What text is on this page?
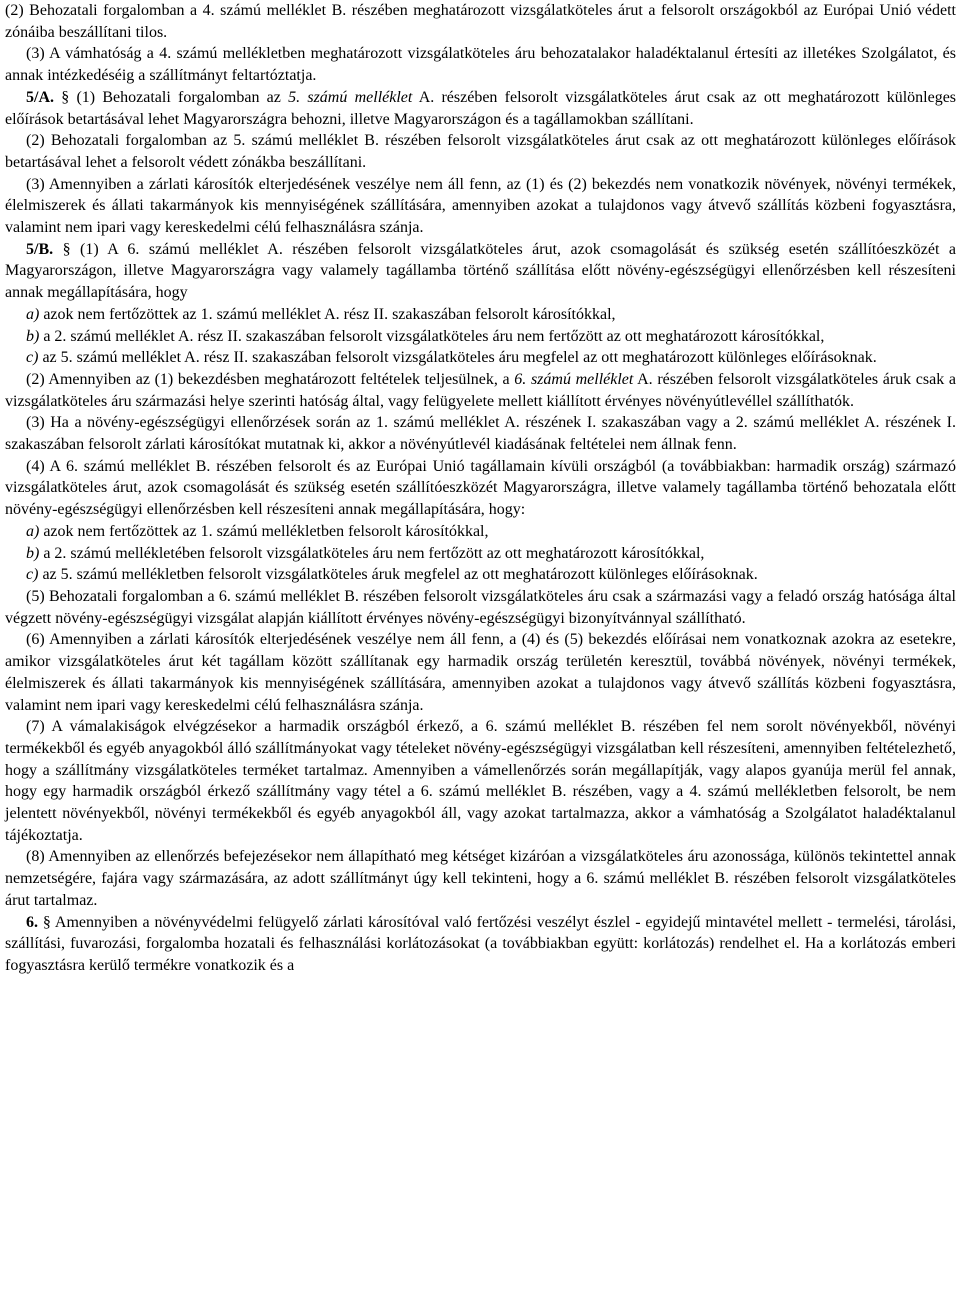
(2) Behozatali forgalomban a 4. számú melléklet B. részében meghatározott vizsgálatköteles árut a felsorolt országokból az Európai Unió védett zónáiba beszállítani tilos.

(3) A vámhatóság a 4. számú mellékletben meghatározott vizsgálatköteles áru behozatalakor haladéktalanul értesíti az illetékes Szolgálatot, és annak intézkedéséig a szállítmányt feltartóztatja.

5/A. § (1) Behozatali forgalomban az 5. számú melléklet A. részében felsorolt vizsgálatköteles árut csak az ott meghatározott különleges előírások betartásával lehet Magyarországra behozni, illetve Magyarországon és a tagállamokban szállítani.

(2) Behozatali forgalomban az 5. számú melléklet B. részében felsorolt vizsgálatköteles árut csak az ott meghatározott különleges előírások betartásával lehet a felsorolt védett zónákba beszállítani.

(3) Amennyiben a zárlati károsítók elterjedésének veszélye nem áll fenn, az (1) és (2) bekezdés nem vonatkozik növények, növényi termékek, élelmiszerek és állati takarmányok kis mennyiségének szállítására, amennyiben azokat a tulajdonos vagy átvevő szállítás közbeni fogyasztásra, valamint nem ipari vagy kereskedelmi célú felhasználásra szánja.

5/B. § (1) A 6. számú melléklet A. részében felsorolt vizsgálatköteles árut, azok csomagolását és szükség esetén szállítóeszközét a Magyarországon, illetve Magyarországra vagy valamely tagállamba történő szállítása előtt növény-egészségügyi ellenőrzésben kell részesíteni annak megállapítására, hogy

a) azok nem fertőzöttek az 1. számú melléklet A. rész II. szakaszában felsorolt károsítókkal,

b) a 2. számú melléklet A. rész II. szakaszában felsorolt vizsgálatköteles áru nem fertőzött az ott meghatározott károsítókkal,

c) az 5. számú melléklet A. rész II. szakaszában felsorolt vizsgálatköteles áru megfelel az ott meghatározott különleges előírásoknak.

(2) Amennyiben az (1) bekezdésben meghatározott feltételek teljesülnek, a 6. számú melléklet A. részében felsorolt vizsgálatköteles áruk csak a vizsgálatköteles áru származási helye szerinti hatóság által, vagy felügyelete mellett kiállított érvényes növényútlevéllel szállíthatók.

(3) Ha a növény-egészségügyi ellenőrzések során az 1. számú melléklet A. részének I. szakaszában vagy a 2. számú melléklet A. részének I. szakaszában felsorolt zárlati károsítókat mutatnak ki, akkor a növényútlevél kiadásának feltételei nem állnak fenn.

(4) A 6. számú melléklet B. részében felsorolt és az Európai Unió tagállamain kívüli országból (a továbbiakban: harmadik ország) származó vizsgálatköteles árut, azok csomagolását és szükség esetén szállítóeszközét Magyarországra, illetve valamely tagállamba történő behozatala előtt növény-egészségügyi ellenőrzésben kell részesíteni annak megállapítására, hogy:

a) azok nem fertőzöttek az 1. számú mellékletben felsorolt károsítókkal,

b) a 2. számú mellékletében felsorolt vizsgálatköteles áru nem fertőzött az ott meghatározott károsítókkal,

c) az 5. számú mellékletben felsorolt vizsgálatköteles áruk megfelel az ott meghatározott különleges előírásoknak.

(5) Behozatali forgalomban a 6. számú melléklet B. részében felsorolt vizsgálatköteles áru csak a származási vagy a feladó ország hatósága által végzett növény-egészségügyi vizsgálat alapján kiállított érvényes növény-egészségügyi bizonyítvánnyal szállítható.

(6) Amennyiben a zárlati károsítók elterjedésének veszélye nem áll fenn, a (4) és (5) bekezdés előírásai nem vonatkoznak azokra az esetekre, amikor vizsgálatköteles árut két tagállam között szállítanak egy harmadik ország területén keresztül, továbbá növények, növényi termékek, élelmiszerek és állati takarmányok kis mennyiségének szállítására, amennyiben azokat a tulajdonos vagy átvevő szállítás közbeni fogyasztásra, valamint nem ipari vagy kereskedelmi célú felhasználásra szánja.

(7) A vámalakiságok elvégzésekor a harmadik országból érkező, a 6. számú melléklet B. részében fel nem sorolt növényekből, növényi termékekből és egyéb anyagokból álló szállítmányokat vagy tételeket növény-egészségügyi vizsgálatban kell részesíteni, amennyiben feltételezhető, hogy a szállítmány vizsgálatköteles terméket tartalmaz. Amennyiben a vámellenőrzés során megállapítják, vagy alapos gyanúja merül fel annak, hogy egy harmadik országból érkező szállítmány vagy tétel a 6. számú melléklet B. részében, vagy a 4. számú mellékletben felsorolt, be nem jelentett növényekből, növényi termékekből és egyéb anyagokból áll, vagy azokat tartalmazza, akkor a vámhatóság a Szolgálatot haladéktalanul tájékoztatja.

(8) Amennyiben az ellenőrzés befejezésekor nem állapítható meg kétséget kizáróan a vizsgálatköteles áru azonossága, különös tekintettel annak nemzetségére, fajára vagy származására, az adott szállítmányt úgy kell tekinteni, hogy a 6. számú melléklet B. részében felsorolt vizsgálatköteles árut tartalmaz.

6. § Amennyiben a növényvédelmi felügyelő zárlati károsítóval való fertőzési veszélyt észlel - egyidejű mintavétel mellett - termelési, tárolási, szállítási, fuvarozási, forgalomba hozatali és felhasználási korlátozásokat (a továbbiakban együtt: korlátozás) rendelhet el. Ha a korlátozás emberi fogyasztásra kerülő termékre vonatkozik és a
